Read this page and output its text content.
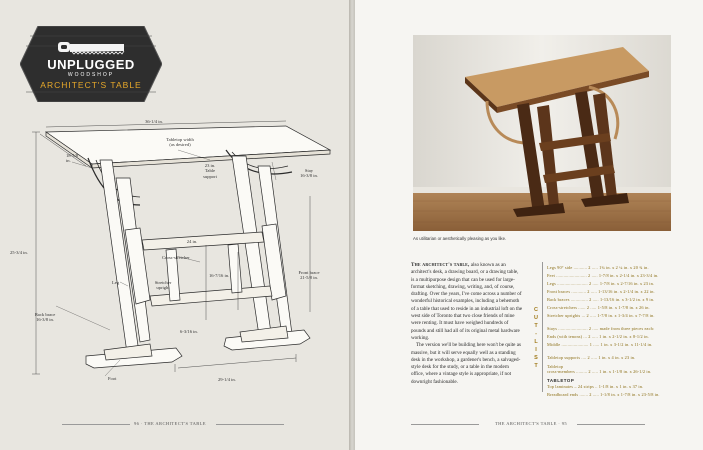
UNPLUGGED
WOODSHOP
ARCHITECT'S TABLE
36-1/4 in.
Tabletop width
(as desired)
18-5/8
in.
23 in.
Table
support
Stay
16-3/8 in.
25-3/4 in.
24 in.
Cross-stretcher
16-7/16 in.
Front brace
21-5/8 in.
Leg	Stretcher
upright
Back brace
16-3/8 in.
6-3/16 in.
Foot	29-1/4 in.
96 · THE ARCHITECT'S TABLE
As utilitarian or aesthetically pleasing as you like.

The architect's table, also known as an architect's desk, a drawing board, or a drawing table, is a multipurpose design that can be used for large-format sketching, drawing, writing, and, of course, drafting. Over the years, I've come across a number of wonderful historical examples, including a behemoth of a table that used to reside in an industrial loft on the west side of Toronto that two close friends of mine were renting. It must have weighed hundreds of pounds and still had all of its original metal hardware working.

The version we'll be building here won't be quite as massive, but it will serve equally well as a standing desk in the workshop, a gardener's bench, a salvaged-style desk for the study, or a table in the modern office, where a vintage style is appropriate, if not downright fashionable.

C
U
T
-
L
I
S
T
Legs 90° side ........... 2 ..... 1¾ in. x 2 ¼ in. x 20 ¾ in.
Feet ......................... 2 ..... 1-7/8 in. x 2-1/4 in. x 23-3/4 in.
Legs ......................... 2 ..... 1-7/8 in. x 2-7/16 in. x 23 in.
Front braces ............ 2 ..... 1-13/16 in. x 2-1/4 in. x 22 in.
Back braces .............. 2 ..... 1-13/16 in. x 3-1/2 in. x 9 in.
Cross-stretchers ...... 2 ..... 1-5/8 in. x 1-7/8 in. x 26 in.
Stretcher uprights ... 2 ..... 1-7/8 in. x 1-3/4 in. x 7-7/8 in.
Stays ........................ 2 ..... made from three pieces each:
Ends (with tenons) ... 2 ..... 1 in. x 2-1/2 in. x 8-1/2 in.
Middle ...................... 1 ..... 1 in. x 3-1/2 in. x 11-1/4 in.
Tabletop supports .... 2 ..... 1 in. x 4 in. x 23 in.
Tabletop
cross-members ......... 2 ..... 1 in. x 1-1/8 in. x 26-1/2 in.
TABLETOP
Top laminates – 24 strips .. 1-1/8 in. x 1 in. x 37 in.
Breadboard ends ....... 2 ..... 1-1/8 in. x 1-7/8 in. x 23-5/8 in.
THE ARCHITECT'S TABLE · 95
